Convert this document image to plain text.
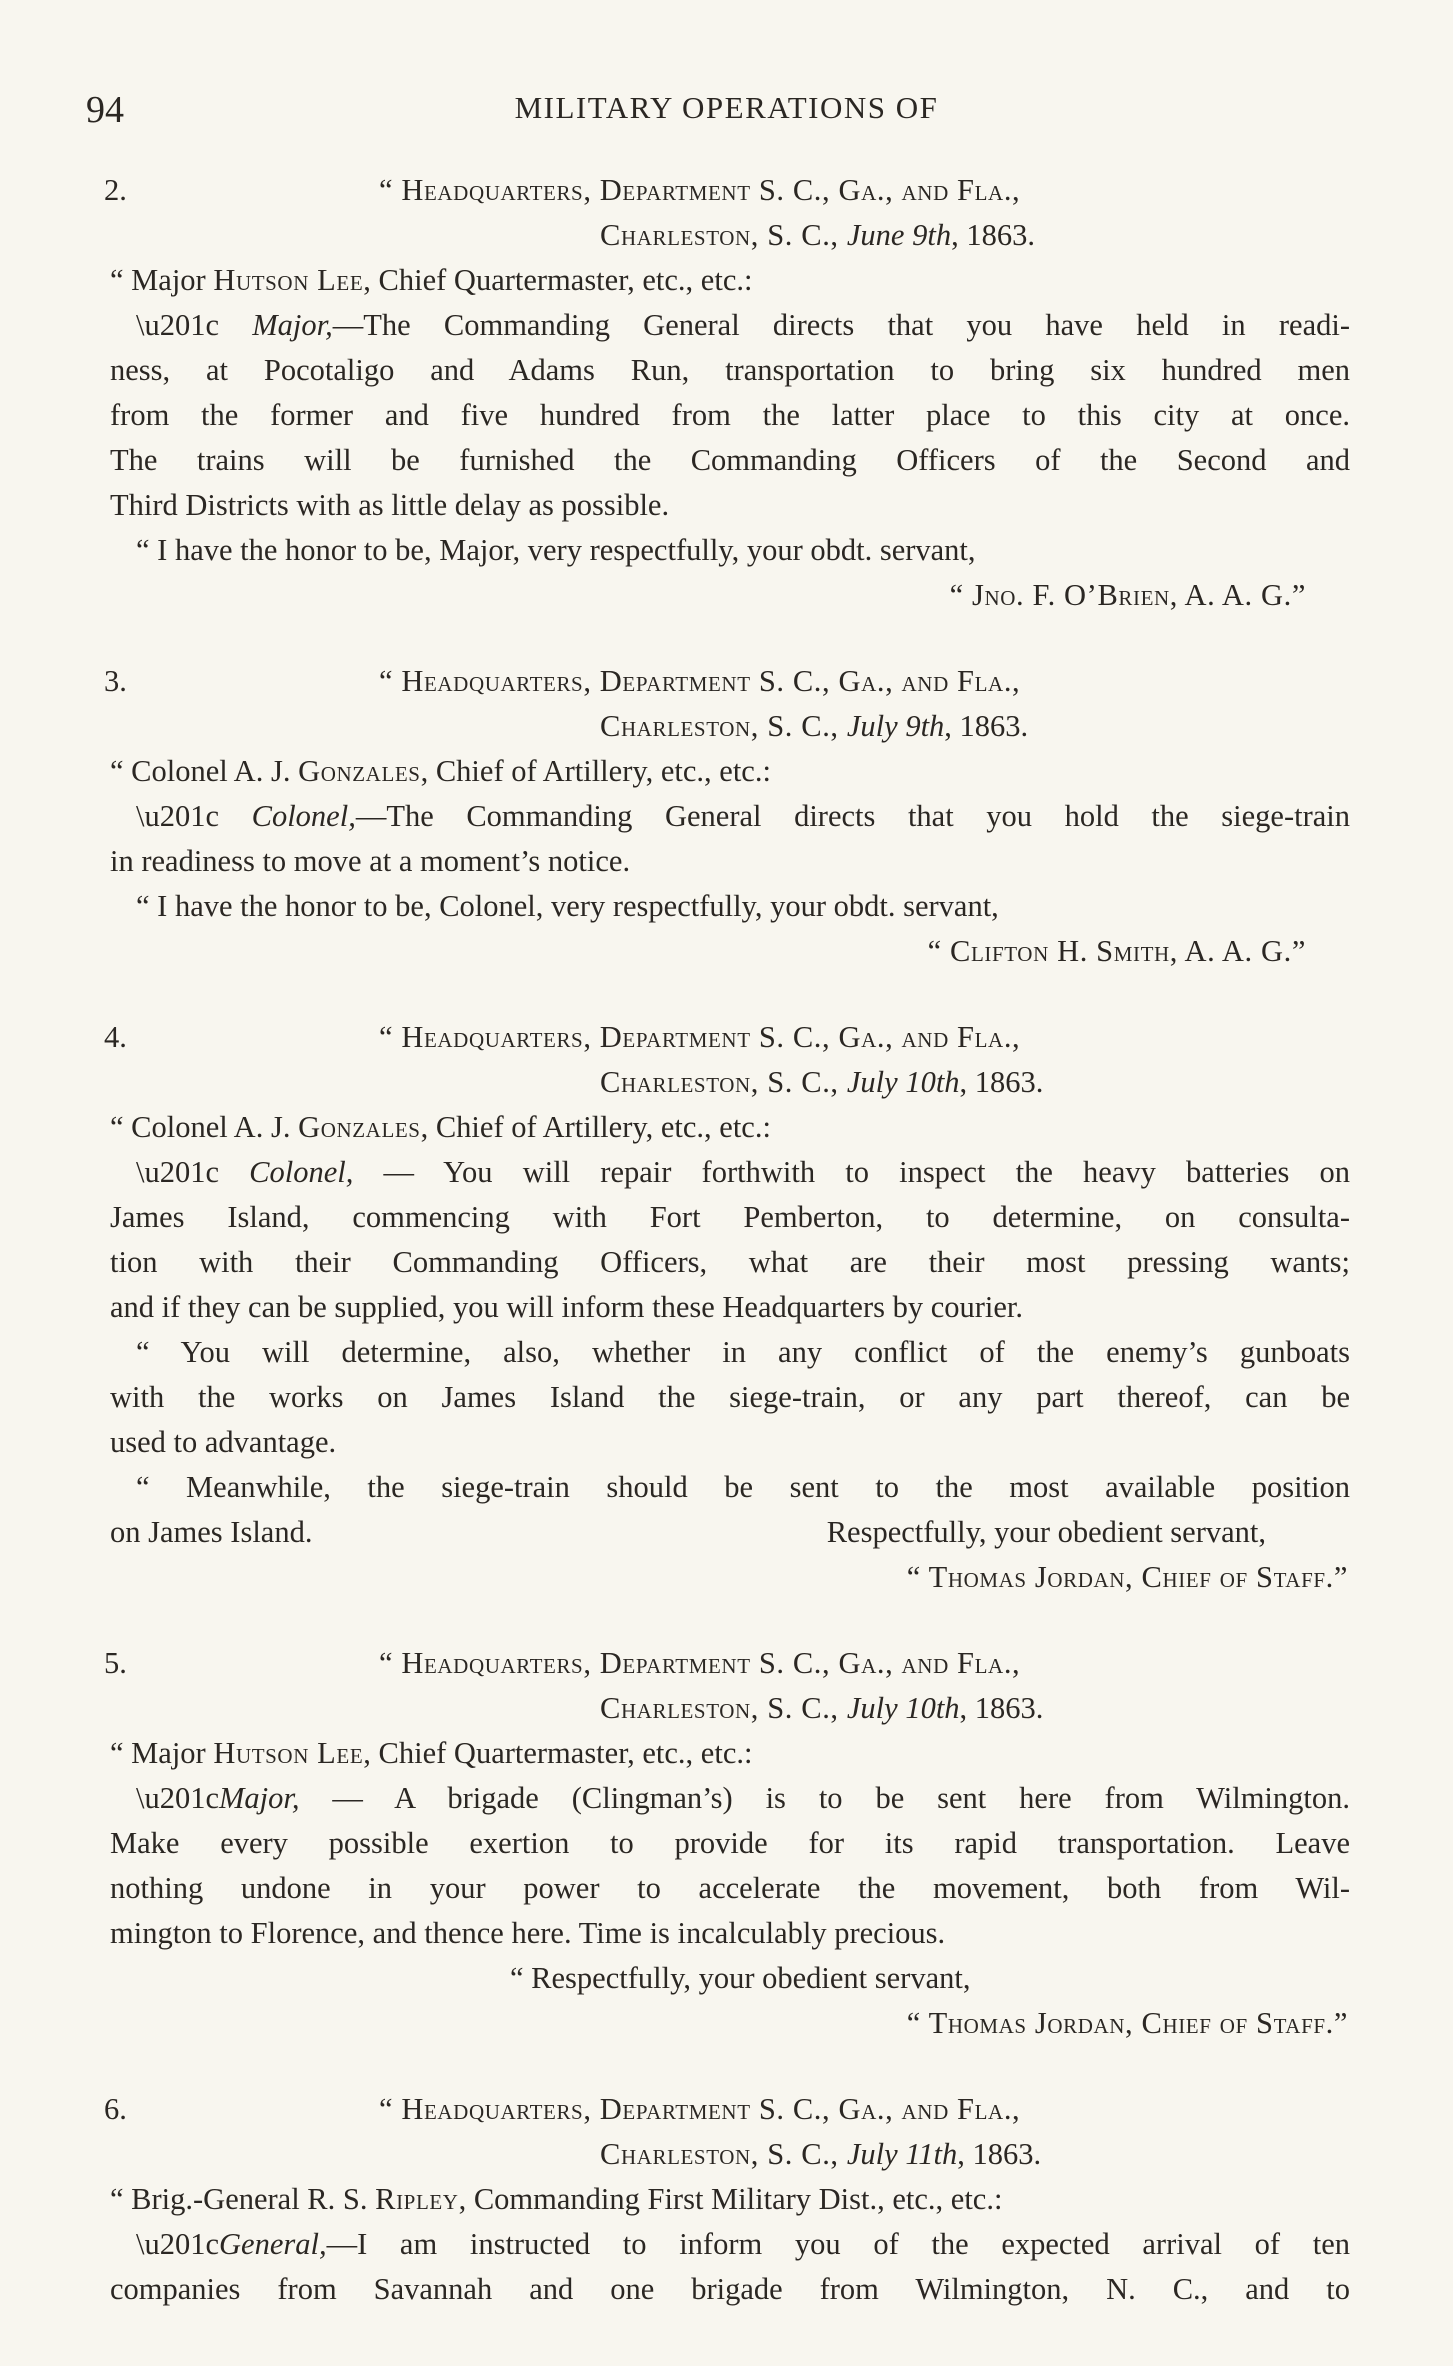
94	MILITARY OPERATIONS OF
2.	“ Headquarters, Department S. C., Ga., and Fla.,
Charleston, S. C., June 9th, 1863.
“ Major Hutson Lee, Chief Quartermaster, etc., etc.:
\u201c Major,—The Commanding General directs that you have held in readi-
ness, at Pocotaligo and Adams Run, transportation to bring six hundred men
from the former and five hundred from the latter place to this city at once.
The trains will be furnished the Commanding Officers of the Second and
Third Districts with as little delay as possible.
“ I have the honor to be, Major, very respectfully, your obdt. servant,
“ Jno. F. O’Brien, A. A. G.”
3.	“ Headquarters, Department S. C., Ga., and Fla.,
Charleston, S. C., July 9th, 1863.
“ Colonel A. J. Gonzales, Chief of Artillery, etc., etc.:
\u201c Colonel,—The Commanding General directs that you hold the siege-train
in readiness to move at a moment’s notice.
“ I have the honor to be, Colonel, very respectfully, your obdt. servant,
“ Clifton H. Smith, A. A. G.”
4.	“ Headquarters, Department S. C., Ga., and Fla.,
Charleston, S. C., July 10th, 1863.
“ Colonel A. J. Gonzales, Chief of Artillery, etc., etc.:
\u201c Colonel, — You will repair forthwith to inspect the heavy batteries on
James Island, commencing with Fort Pemberton, to determine, on consulta-
tion with their Commanding Officers, what are their most pressing wants;
and if they can be supplied, you will inform these Headquarters by courier.
“ You will determine, also, whether in any conflict of the enemy’s gunboats
with the works on James Island the siege-train, or any part thereof, can be
used to advantage.
“ Meanwhile, the siege-train should be sent to the most available position
on James Island.	Respectfully, your obedient servant,
“ Thomas Jordan, Chief of Staff.”
5.	“ Headquarters, Department S. C., Ga., and Fla.,
Charleston, S. C., July 10th, 1863.
“ Major Hutson Lee, Chief Quartermaster, etc., etc.:
\u201cMajor, — A brigade (Clingman’s) is to be sent here from Wilmington.
Make every possible exertion to provide for its rapid transportation. Leave
nothing undone in your power to accelerate the movement, both from Wil-
mington to Florence, and thence here. Time is incalculably precious.
“ Respectfully, your obedient servant,
“ Thomas Jordan, Chief of Staff.”
6.	“ Headquarters, Department S. C., Ga., and Fla.,
Charleston, S. C., July 11th, 1863.
“ Brig.-General R. S. Ripley, Commanding First Military Dist., etc., etc.:
\u201cGeneral,—I am instructed to inform you of the expected arrival of ten
companies from Savannah and one brigade from Wilmington, N. C., and to
